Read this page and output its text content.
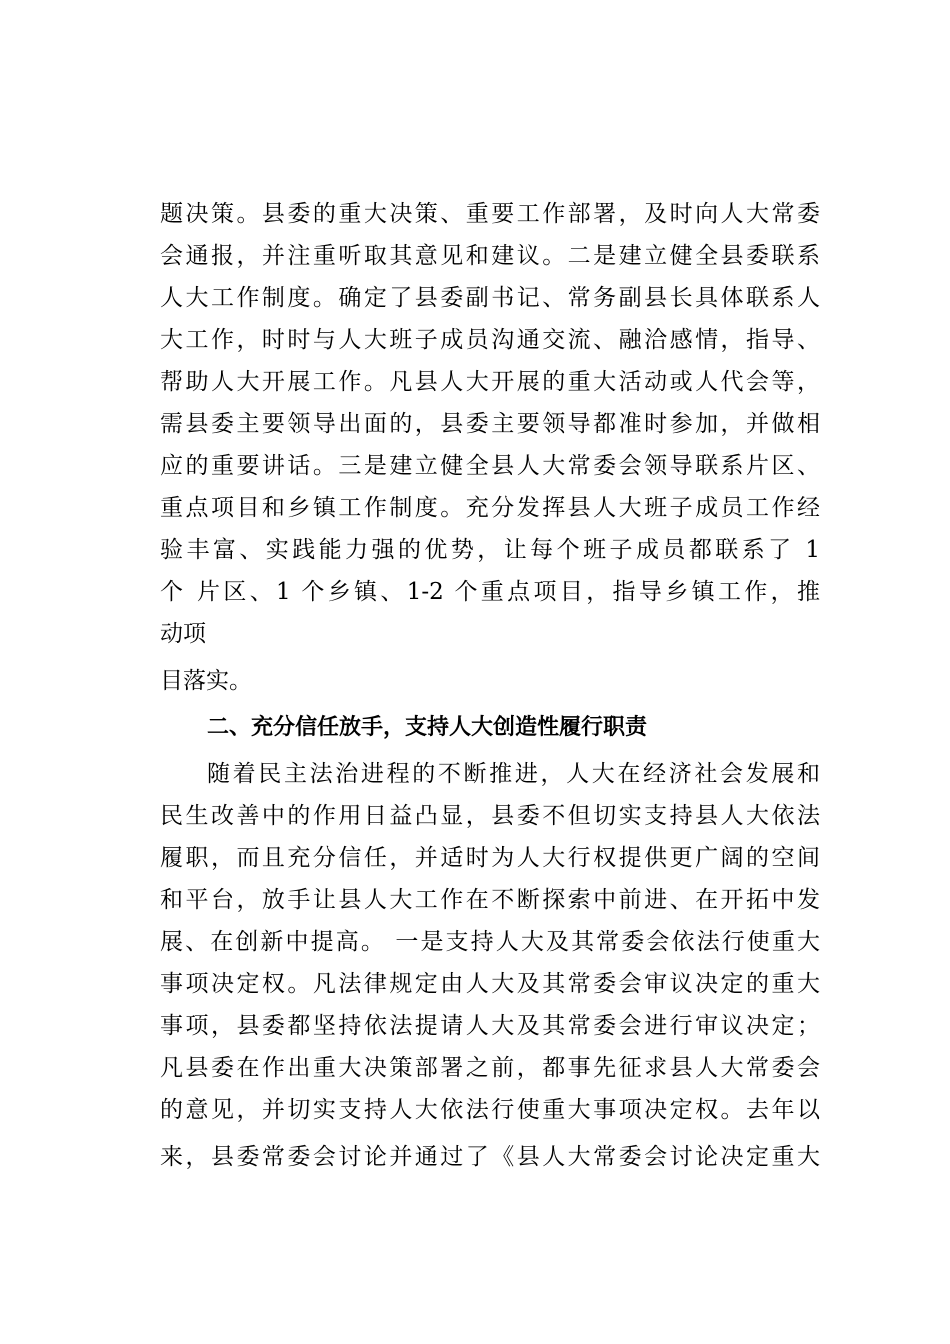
题决策。县委的重大决策、重要工作部署，及时向人大常委
会通报，并注重听取其意见和建议。二是建立健全县委联系
人大工作制度。确定了县委副书记、常务副县长具体联系人
大工作，时时与人大班子成员沟通交流、融洽感情，指导、
帮助人大开展工作。凡县人大开展的重大活动或人代会等，
需县委主要领导出面的，县委主要领导都准时参加，并做相
应的重要讲话。三是建立健全县人大常委会领导联系片区、
重点项目和乡镇工作制度。充分发挥县人大班子成员工作经
验丰富、实践能力强的优势，让每个班子成员都联系了 1
个 片区、1 个乡镇、1-2 个重点项目，指导乡镇工作，推
动项
目落实。
二、充分信任放手，支持人大创造性履行职责
随着民主法治进程的不断推进，人大在经济社会发展和
民生改善中的作用日益凸显，县委不但切实支持县人大依法
履职，而且充分信任，并适时为人大行权提供更广阔的空间
和平台，放手让县人大工作在不断探索中前进、在开拓中发
展、在创新中提高。 一是支持人大及其常委会依法行使重大
事项决定权。凡法律规定由人大及其常委会审议决定的重大
事项，县委都坚持依法提请人大及其常委会进行审议决定；
凡县委在作出重大决策部署之前，都事先征求县人大常委会
的意见，并切实支持人大依法行使重大事项决定权。去年以
来，县委常委会讨论并通过了《县人大常委会讨论决定重大
